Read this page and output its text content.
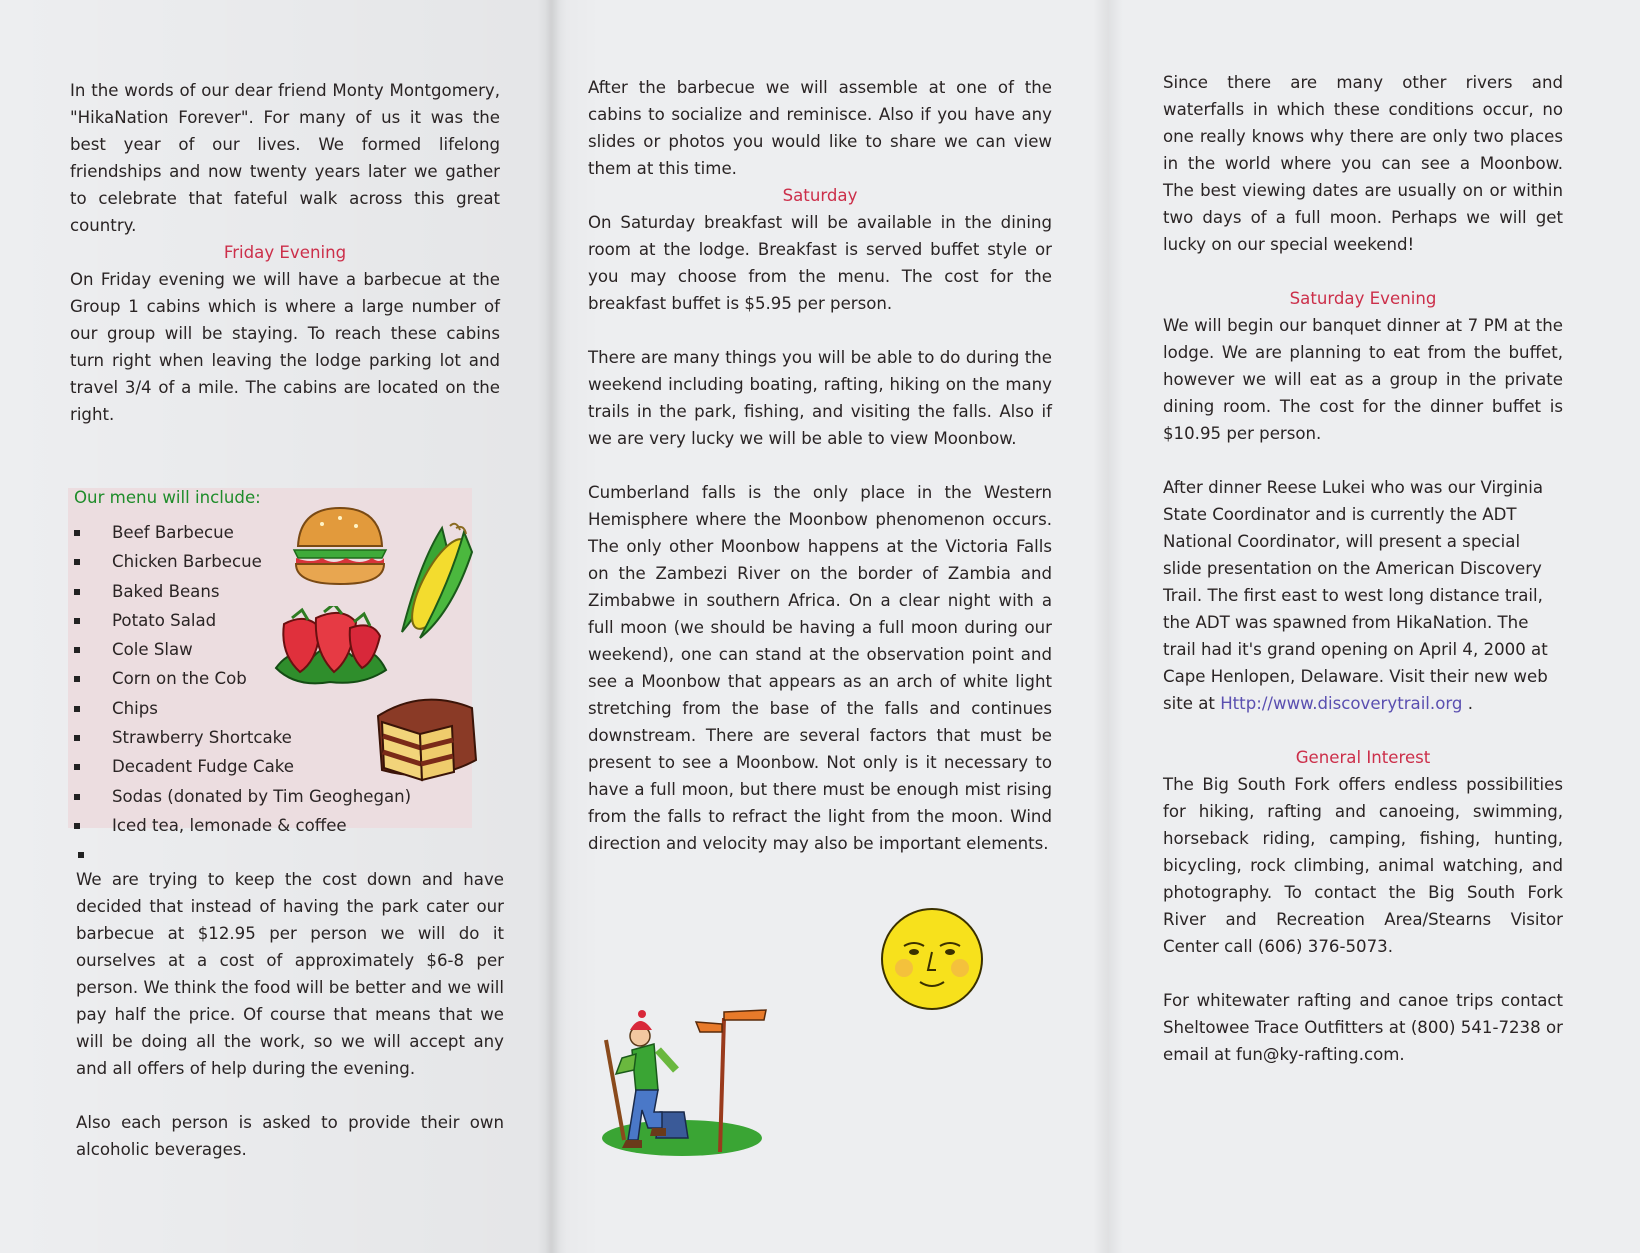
In the words of our dear friend Monty Montgomery, "HikaNation Forever". For many of us it was the best year of our lives. We formed lifelong friendships and now twenty years later we gather to celebrate that fateful walk across this great country.

Friday Evening

On Friday evening we will have a barbecue at the Group 1 cabins which is where a large number of our group will be staying. To reach these cabins turn right when leaving the lodge parking lot and travel 3/4 of a mile. The cabins are located on the right.

Our menu will include:
Beef Barbecue
Chicken Barbecue
Baked Beans
Potato Salad
Cole Slaw
Corn on the Cob
Chips
Strawberry Shortcake
Decadent Fudge Cake
Sodas (donated by Tim Geoghegan)
Iced tea, lemonade & coffee

We are trying to keep the cost down and have decided that instead of having the park cater our barbecue at $12.95 per person we will do it ourselves at a cost of approximately $6-8 per person. We think the food will be better and we will pay half the price. Of course that means that we will be doing all the work, so we will accept any and all offers of help during the evening.

Also each person is asked to provide their own alcoholic beverages.

After the barbecue we will assemble at one of the cabins to socialize and reminisce. Also if you have any slides or photos you would like to share we can view them at this time.

Saturday

On Saturday breakfast will be available in the dining room at the lodge. Breakfast is served buffet style or you may choose from the menu. The cost for the breakfast buffet is $5.95 per person.

There are many things you will be able to do during the weekend including boating, rafting, hiking on the many trails in the park, fishing, and visiting the falls. Also if we are very lucky we will be able to view Moonbow.

Cumberland falls is the only place in the Western Hemisphere where the Moonbow phenomenon occurs. The only other Moonbow happens at the Victoria Falls on the Zambezi River on the border of Zambia and Zimbabwe in southern Africa. On a clear night with a full moon (we should be having a full moon during our weekend), one can stand at the observation point and see a Moonbow that appears as an arch of white light stretching from the base of the falls and continues downstream. There are several factors that must be present to see a Moonbow. Not only is it necessary to have a full moon, but there must be enough mist rising from the falls to refract the light from the moon. Wind direction and velocity may also be important elements.

Since there are many other rivers and waterfalls in which these conditions occur, no one really knows why there are only two places in the world where you can see a Moonbow. The best viewing dates are usually on or within two days of a full moon. Perhaps we will get lucky on our special weekend!

Saturday Evening

We will begin our banquet dinner at 7 PM at the lodge. We are planning to eat from the buffet, however we will eat as a group in the private dining room. The cost for the dinner buffet is $10.95 per person.

After dinner Reese Lukei who was our Virginia State Coordinator and is currently the ADT National Coordinator, will present a special slide presentation on the American Discovery Trail. The first east to west long distance trail, the ADT was spawned from HikaNation. The trail had it's grand opening on April 4, 2000 at Cape Henlopen, Delaware. Visit their new web site at Http://www.discoverytrail.org .

General Interest

The Big South Fork offers endless possibilities for hiking, rafting and canoeing, swimming, horseback riding, camping, fishing, hunting, bicycling, rock climbing, animal watching, and photography. To contact the Big South Fork River and Recreation Area/Stearns Visitor Center call (606) 376-5073.

For whitewater rafting and canoe trips contact Sheltowee Trace Outfitters at (800) 541-7238 or email at fun@ky-rafting.com.
